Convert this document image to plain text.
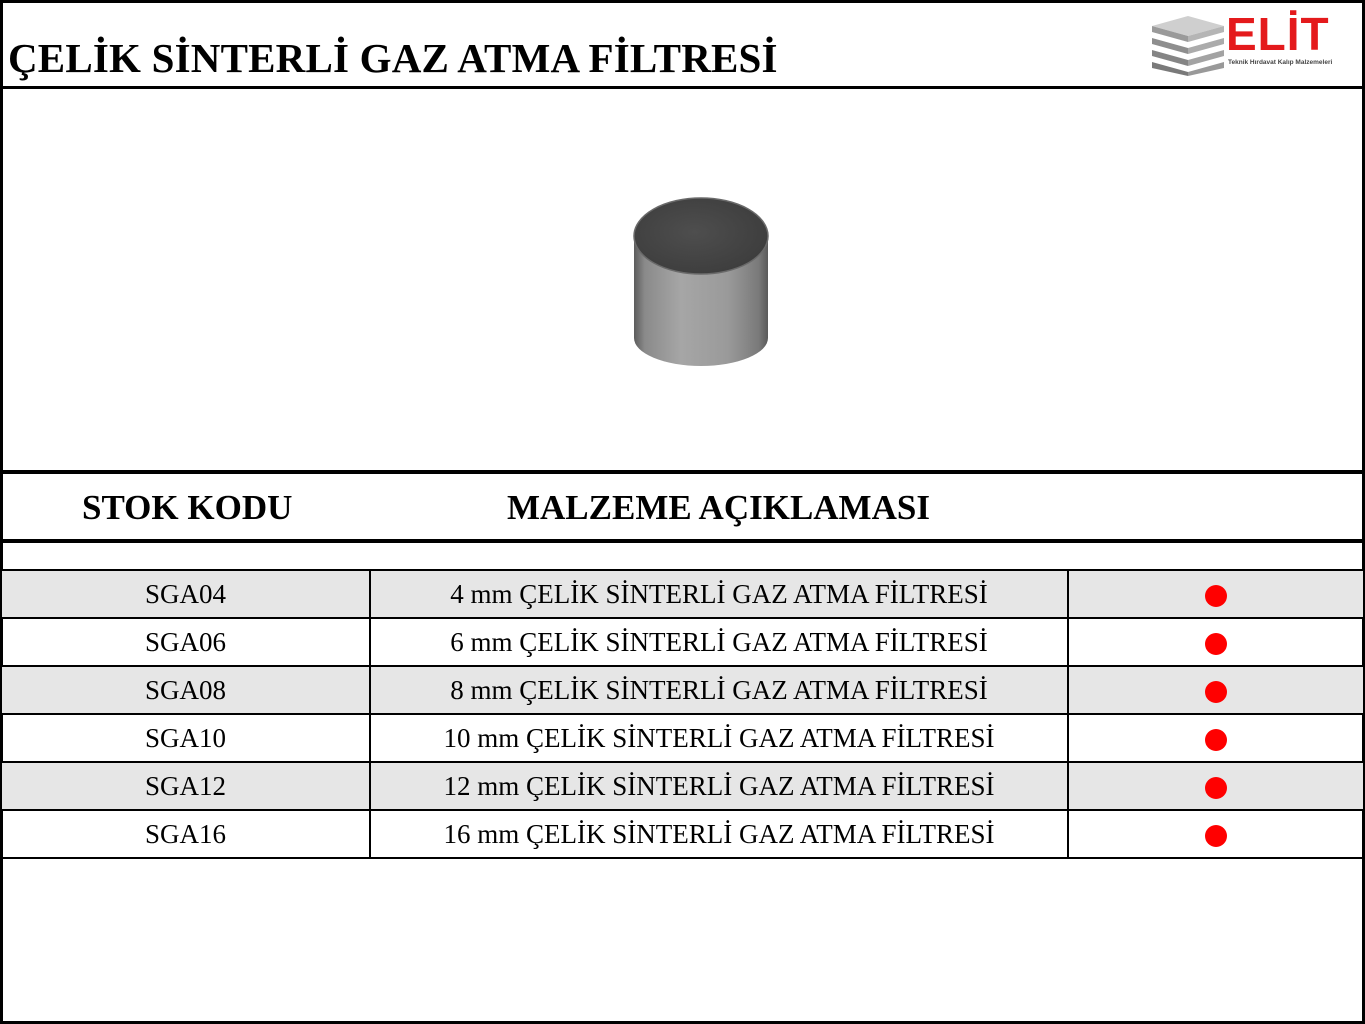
ÇELİK SİNTERLİ GAZ ATMA FİLTRESİ	ELİT
Teknik Hırdavat Kalıp Malzemeleri
STOK KODU	MALZEME AÇIKLAMASI
SGA04	4 mm ÇELİK SİNTERLİ GAZ ATMA FİLTRESİ	
SGA06	6 mm ÇELİK SİNTERLİ GAZ ATMA FİLTRESİ	
SGA08	8 mm ÇELİK SİNTERLİ GAZ ATMA FİLTRESİ	
SGA10	10 mm ÇELİK SİNTERLİ GAZ ATMA FİLTRESİ	
SGA12	12 mm ÇELİK SİNTERLİ GAZ ATMA FİLTRESİ	
SGA16	16 mm ÇELİK SİNTERLİ GAZ ATMA FİLTRESİ	
